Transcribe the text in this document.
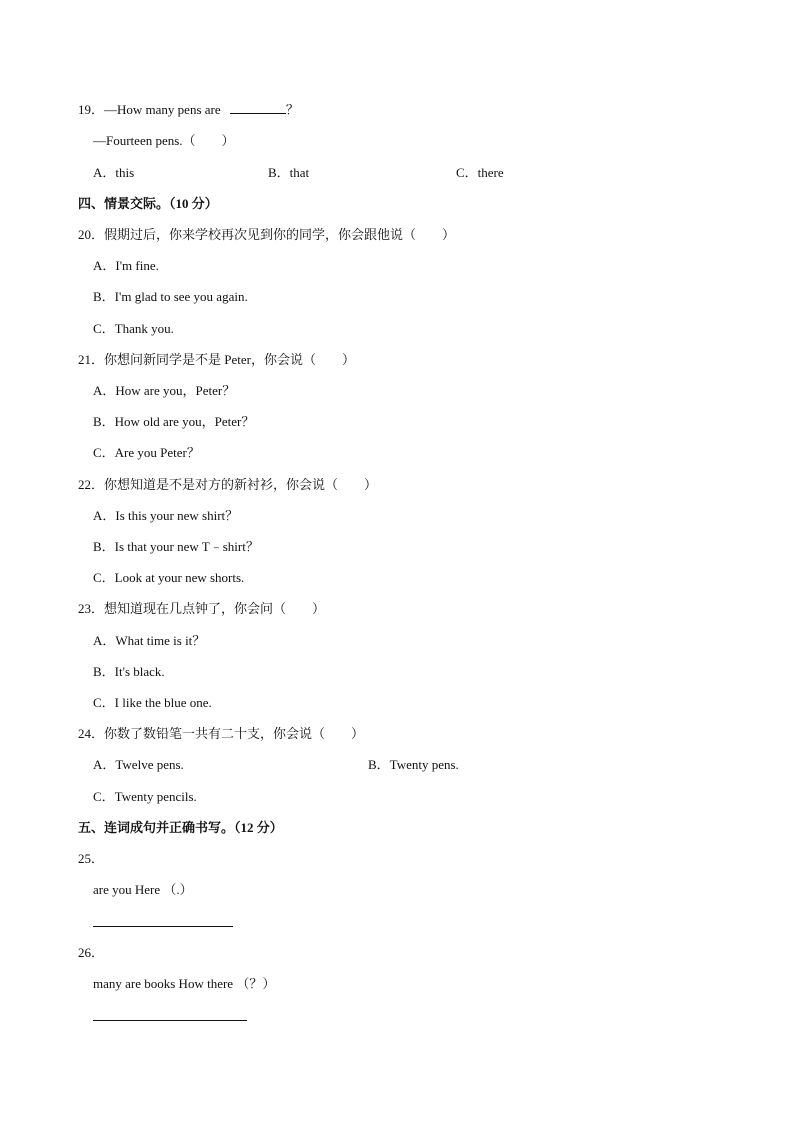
19．—How many pens are	？
—Fourteen pens.（　　）
A．this	B．that	C．there
四、情景交际。（10 分）
20．假期过后，你来学校再次见到你的同学，你会跟他说（　　）
A．I'm fine.
B．I'm glad to see you again.
C．Thank you.
21．你想问新同学是不是 Peter，你会说（　　）
A．How are you，Peter？
B．How old are you，Peter？
C．Are you Peter？
22．你想知道是不是对方的新衬衫，你会说（　　）
A．Is this your new shirt？
B．Is that your new T﹣shirt？
C．Look at your new shorts.
23．想知道现在几点钟了，你会问（　　）
A．What time is it？
B．It's black.
C．I like the blue one.
24．你数了数铅笔一共有二十支，你会说（　　）
A．Twelve pens.	B．Twenty pens.
C．Twenty pencils.
五、连词成句并正确书写。（12 分）
25．
are you Here （.）
26．
many are books How there （？）
